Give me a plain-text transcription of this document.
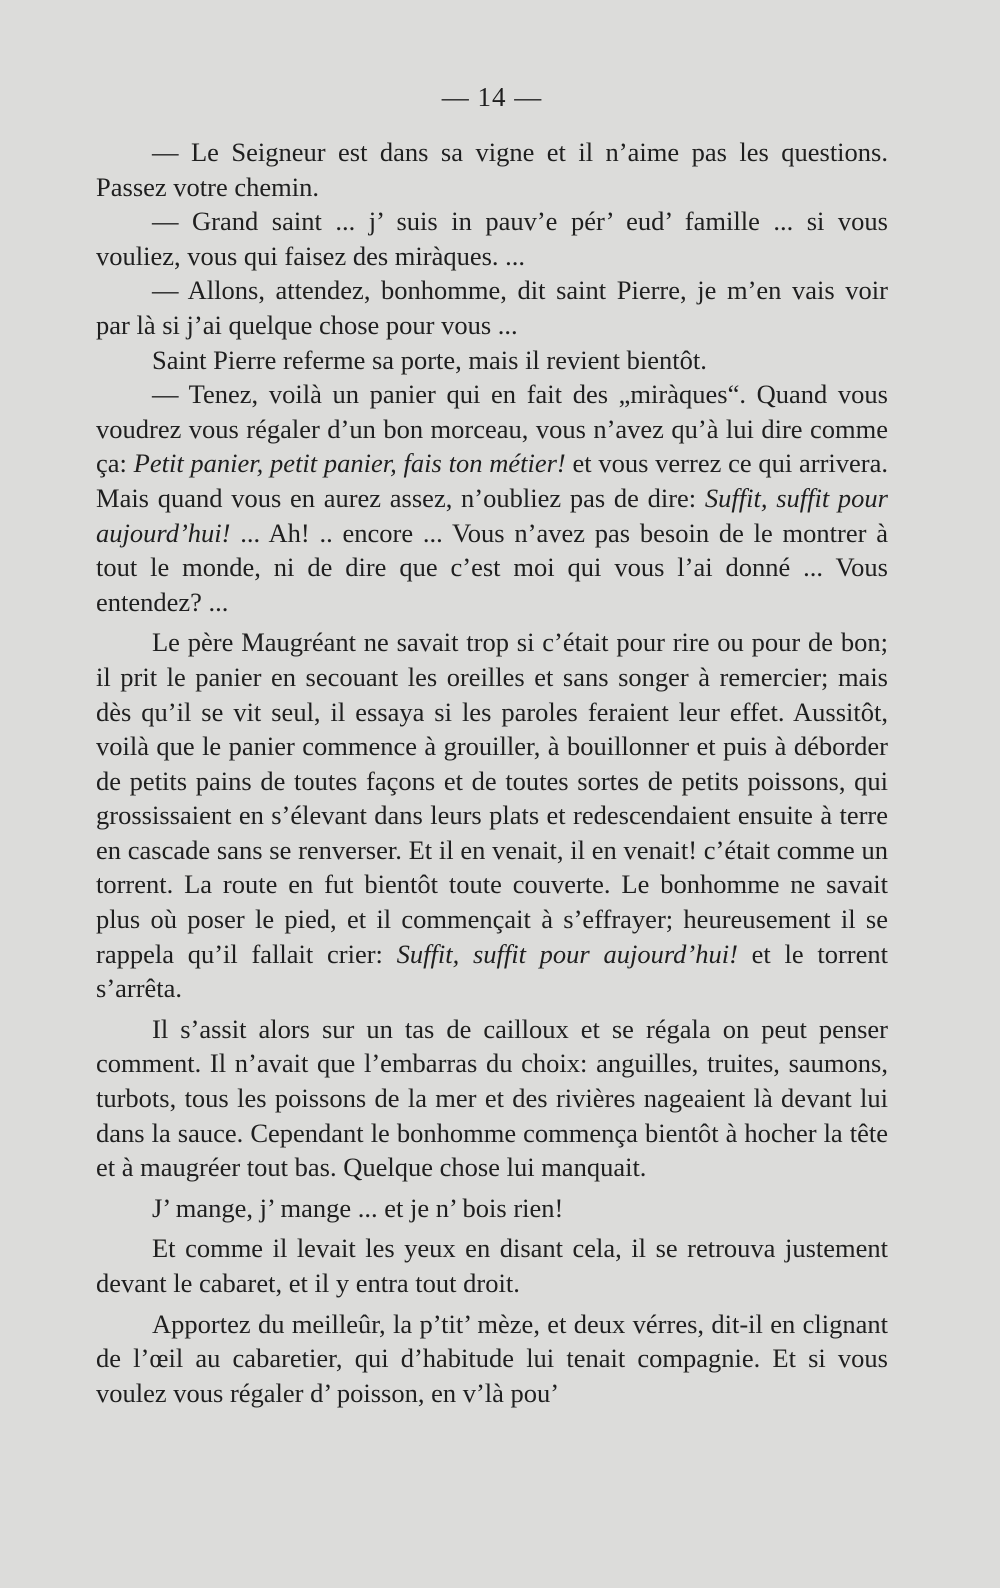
— 14 —

— Le Seigneur est dans sa vigne et il n’aime pas les questions. Passez votre chemin.

— Grand saint ... j’ suis in pauv’e pér’ eud’ famille ... si vous vouliez, vous qui faisez des miràques. ...

— Allons, attendez, bonhomme, dit saint Pierre, je m’en vais voir par là si j’ai quelque chose pour vous ...

Saint Pierre referme sa porte, mais il revient bientôt.

— Tenez, voilà un panier qui en fait des „miràques“. Quand vous voudrez vous régaler d’un bon morceau, vous n’avez qu’à lui dire comme ça: Petit panier, petit panier, fais ton métier! et vous verrez ce qui arrivera. Mais quand vous en aurez assez, n’oubliez pas de dire: Suffit, suffit pour aujourd’hui! ... Ah! .. encore ... Vous n’avez pas besoin de le montrer à tout le monde, ni de dire que c’est moi qui vous l’ai donné ... Vous entendez? ...

Le père Maugréant ne savait trop si c’était pour rire ou pour de bon; il prit le panier en secouant les oreilles et sans songer à remercier; mais dès qu’il se vit seul, il essaya si les paroles feraient leur effet. Aussitôt, voilà que le panier commence à grouiller, à bouillonner et puis à déborder de petits pains de toutes façons et de toutes sortes de petits poissons, qui grossissaient en s’élevant dans leurs plats et redescendaient ensuite à terre en cascade sans se renverser. Et il en venait, il en venait! c’était comme un torrent. La route en fut bientôt toute couverte. Le bonhomme ne savait plus où poser le pied, et il commençait à s’effrayer; heureusement il se rappela qu’il fallait crier: Suffit, suffit pour aujourd’hui! et le torrent s’arrêta.

Il s’assit alors sur un tas de cailloux et se régala on peut penser comment. Il n’avait que l’embarras du choix: anguilles, truites, saumons, turbots, tous les poissons de la mer et des rivières nageaient là devant lui dans la sauce. Cependant le bonhomme commença bientôt à hocher la tête et à maugréer tout bas. Quelque chose lui manquait.

J’ mange, j’ mange ... et je n’ bois rien!

Et comme il levait les yeux en disant cela, il se retrouva justement devant le cabaret, et il y entra tout droit.

Apportez du meilleûr, la p’tit’ mèze, et deux vérres, dit-il en clignant de l’œil au cabaretier, qui d’habitude lui tenait compagnie. Et si vous voulez vous régaler d’ poisson, en v’là pou’
